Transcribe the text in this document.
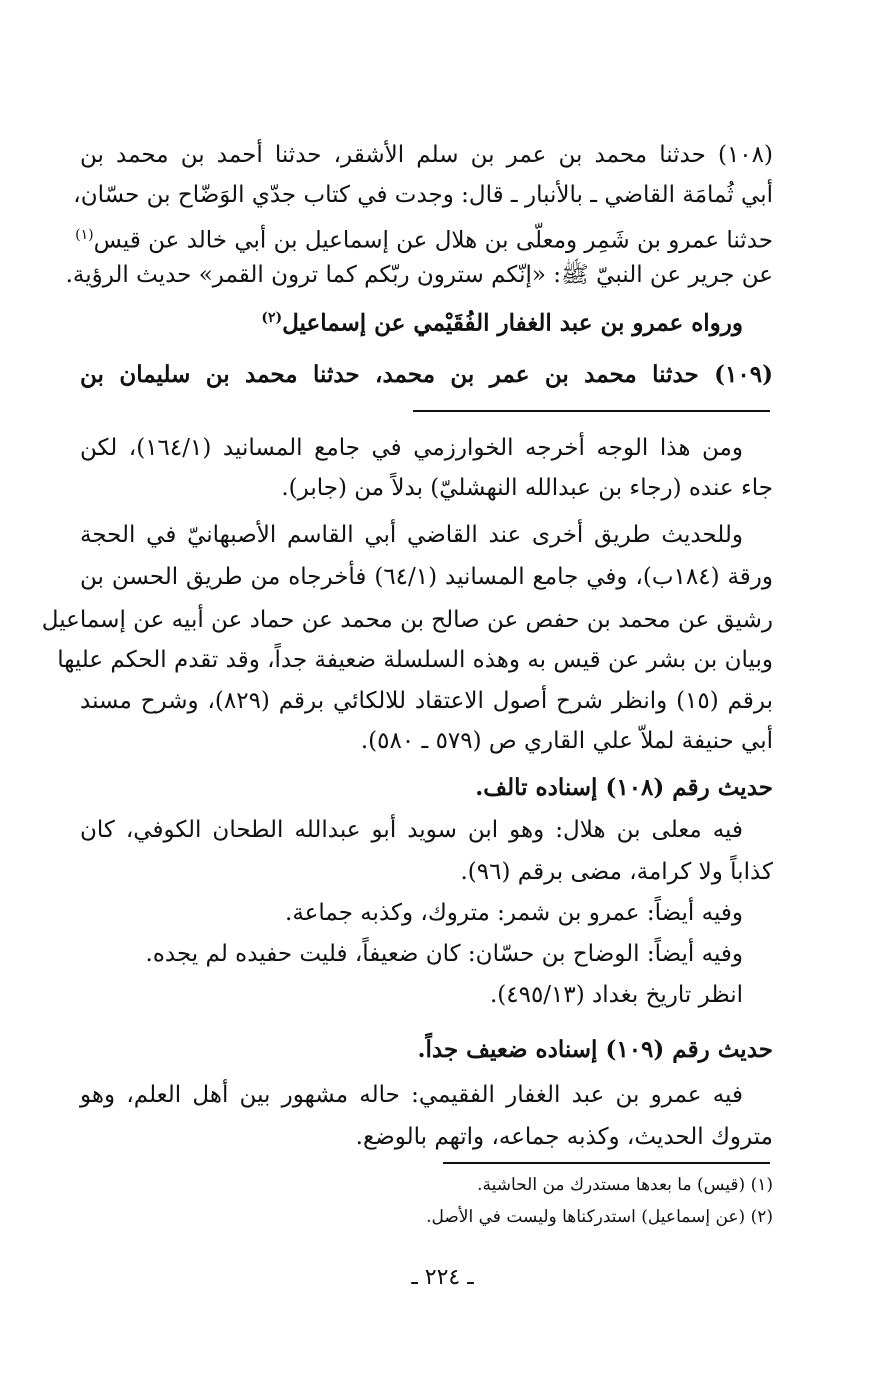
(١٠٨) حدثنا محمد بن عمر بن سلم الأشقر، حدثنا أحمد بن محمد بن
أبي ثُمامَة القاضي ـ بالأنبار ـ قال: وجدت في كتاب جدّي الوَضّاح بن حسّان،
حدثنا عمرو بن شَمِر ومعلّى بن هلال عن إسماعيل بن أبي خالد عن قيس$^{(١)}$
عن جرير عن النبيّ ﷺ: «إنّكم سترون ربّكم كما ترون القمر» حديث الرؤية.
ورواه عمرو بن عبد الغفار الفُقَيْمي عن إسماعيل$^{(٢)}$
(١٠٩) حدثنا محمد بن عمر بن محمد، حدثنا محمد بن سليمان بن
ومن هذا الوجه أخرجه الخوارزمي في جامع المسانيد (١٦٤/١)، لكن
جاء عنده (رجاء بن عبدالله النهشليّ) بدلاً من (جابر).
وللحديث طريق أخرى عند القاضي أبي القاسم الأصبهانيّ في الحجة
ورقة (١٨٤ب)، وفي جامع المسانيد (٦٤/١) فأخرجاه من طريق الحسن بن
رشيق عن محمد بن حفص عن صالح بن محمد عن حماد عن أبيه عن إسماعيل
وبيان بن بشر عن قيس به وهذه السلسلة ضعيفة جداً، وقد تقدم الحكم عليها
برقم (١٥) وانظر شرح أصول الاعتقاد للالكائي برقم (٨٢٩)، وشرح مسند
أبي حنيفة لملاّ علي القاري ص (٥٧٩ ـ ٥٨٠).
حديث رقم (١٠٨) إسناده تالف.
فيه معلى بن هلال: وهو ابن سويد أبو عبدالله الطحان الكوفي، كان
كذاباً ولا كرامة، مضى برقم (٩٦).
وفيه أيضاً: عمرو بن شمر: متروك، وكذبه جماعة.
وفيه أيضاً: الوضاح بن حسّان: كان ضعيفاً، فليت حفيده لم يجده.
انظر تاريخ بغداد (٤٩٥/١٣).
حديث رقم (١٠٩) إسناده ضعيف جداً.
فيه عمرو بن عبد الغفار الفقيمي: حاله مشهور بين أهل العلم، وهو
متروك الحديث، وكذبه جماعه، واتهم بالوضع.
(١) (قيس) ما بعدها مستدرك من الحاشية.
(٢) (عن إسماعيل) استدركناها وليست في الأصل.
ـ ٢٢٤ ـ
